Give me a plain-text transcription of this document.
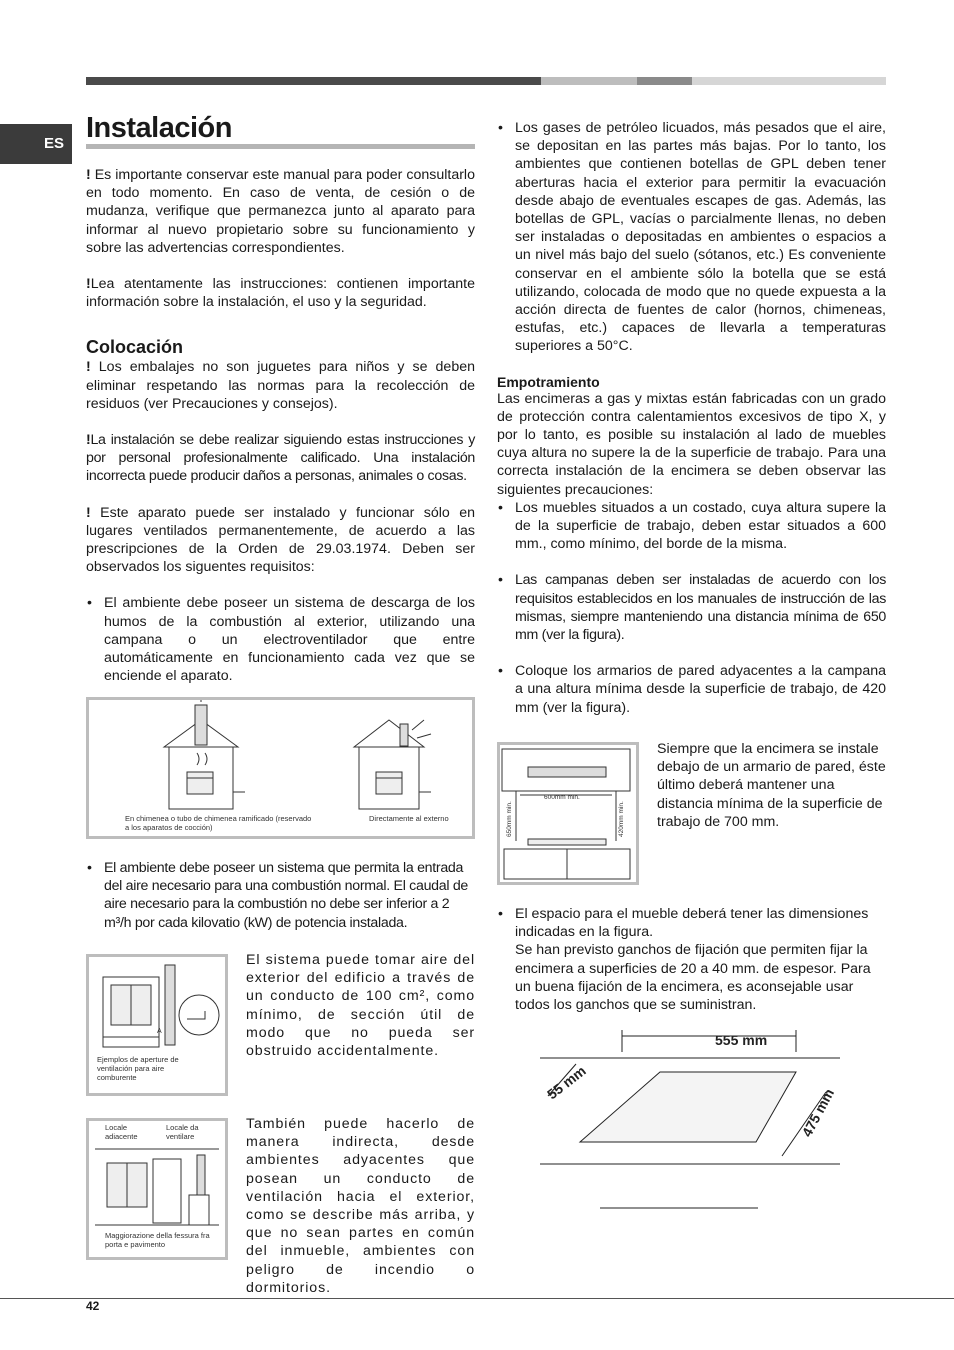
ES Instalación

! Es importante conservar este manual para poder consultarlo en todo momento. En caso de venta, de cesión o de mudanza, verifique que permanezca junto al aparato para informar al nuevo propietario sobre su funcionamiento y sobre las advertencias correspondientes.

!Lea atentamente las instrucciones: contienen importante información sobre la instalación, el uso y la seguridad.

Colocación

! Los embalajes no son juguetes para niños y se deben eliminar respetando las normas para la recolección de residuos (ver Precauciones y consejos).

!La instalación se debe realizar siguiendo estas instrucciones y por personal profesionalmente calificado. Una instalación incorrecta puede producir daños a personas, animales o cosas.

! Este aparato puede ser instalado y funcionar sólo en lugares ventilados permanentemente, de acuerdo a las prescripciones de la Orden de 29.03.1974. Deben ser observados los siguentes requisitos:

• El ambiente debe poseer un sistema de descarga de los humos de la combustión al exterior, utilizando una campana o un electroventilador que entre automáticamente en funcionamiento cada vez que se enciende el aparato.

En chimenea o tubo de chimenea ramificado (reservado a los aparatos de cocción)
Directamente al externo

• El ambiente debe poseer un sistema que permita la entrada del aire necesario para una combustión normal. El caudal de aire necesario para la combustión no debe ser inferior a 2 m³/h por cada kilovatio (kW) de potencia instalada.

A
Ejemplos de aperture de ventilación para aire comburente
El sistema puede tomar aire del exterior del edificio a través de un conducto de 100 cm², como mínimo, de sección útil de modo que no pueda ser obstruido accidentalmente.
Locale adiacente
Locale da ventilare
Maggiorazione della fessura fra porta e pavimento
También puede hacerlo de manera indirecta, desde ambientes adyacentes que posean un conducto de ventilación hacia el exterior, como se describe más arriba, y que no sean partes en común del inmueble, ambientes con peligro de incendio o dormitorios.

• Los gases de petróleo licuados, más pesados que el aire, se depositan en las partes más bajas. Por lo tanto, los ambientes que contienen botellas de GPL deben tener aberturas hacia el exterior para permitir la evacuación desde abajo de eventuales escapes de gas. Además, las botellas de GPL, vacías o parcialmente llenas, no deben ser instaladas o depositadas en ambientes o espacios a un nivel más bajo del suelo (sótanos, etc.) Es conveniente conservar en el ambiente sólo la botella que se está utilizando, colocada de modo que no quede expuesta a la acción directa de fuentes de calor (hornos, chimeneas, estufas, etc.) capaces de llevarla a temperaturas superiores a 50°C.

Empotramiento

Las encimeras a gas y mixtas están fabricadas con un grado de protección contra calentamientos excesivos de tipo X, y por lo tanto, es posible su instalación al lado de muebles cuya altura no supere la de la superficie de trabajo. Para una correcta instalación de la encimera se deben observar las siguientes precauciones:

• Los muebles situados a un costado, cuya altura supere la de la superficie de trabajo, deben estar situados a 600 mm., como mínimo, del borde de la misma.

• Las campanas deben ser instaladas de acuerdo con los requisitos establecidos en los manuales de instrucción de las mismas, siempre manteniendo una distancia mínima de 650 mm (ver la figura).

• Coloque los armarios de pared adyacentes a la campana a una altura mínima desde la superficie de trabajo, de 420 mm (ver la figura).

600mm min.
650mm min.	420mm min.
Siempre que la encimera se instale debajo de un armario de pared, éste último deberá mantener una distancia mínima de la superficie de trabajo de 700 mm.

• El espacio para el mueble deberá tener las dimensiones indicadas en la figura.
Se han previsto ganchos de fijación que permiten fijar la encimera a superficies de 20 a 40 mm. de espesor. Para un buena fijación de la encimera, es aconsejable usar todos los ganchos que se suministran.

555 mm
55 mm
475 mm
42
